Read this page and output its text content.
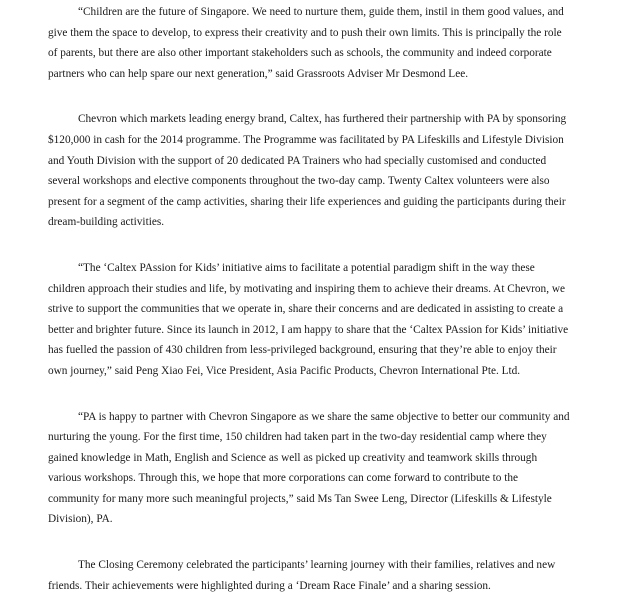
“Children are the future of Singapore. We need to nurture them, guide them, instil in them good values, and give them the space to develop, to express their creativity and to push their own limits. This is principally the role of parents, but there are also other important stakeholders such as schools, the community and indeed corporate partners who can help spare our next generation,” said Grassroots Adviser Mr Desmond Lee.

Chevron which markets leading energy brand, Caltex, has furthered their partnership with PA by sponsoring $120,000 in cash for the 2014 programme. The Programme was facilitated by PA Lifeskills and Lifestyle Division and Youth Division with the support of 20 dedicated PA Trainers who had specially customised and conducted several workshops and elective components throughout the two-day camp. Twenty Caltex volunteers were also present for a segment of the camp activities, sharing their life experiences and guiding the participants during their dream-building activities.

“The ‘Caltex PAssion for Kids’ initiative aims to facilitate a potential paradigm shift in the way these children approach their studies and life, by motivating and inspiring them to achieve their dreams. At Chevron, we strive to support the communities that we operate in, share their concerns and are dedicated in assisting to create a better and brighter future. Since its launch in 2012, I am happy to share that the ‘Caltex PAssion for Kids’ initiative has fuelled the passion of 430 children from less-privileged background, ensuring that they’re able to enjoy their own journey,” said Peng Xiao Fei, Vice President, Asia Pacific Products, Chevron International Pte. Ltd.

“PA is happy to partner with Chevron Singapore as we share the same objective to better our community and nurturing the young. For the first time, 150 children had taken part in the two-day residential camp where they gained knowledge in Math, English and Science as well as picked up creativity and teamwork skills through various workshops. Through this, we hope that more corporations can come forward to contribute to the community for many more such meaningful projects,” said Ms Tan Swee Leng, Director (Lifeskills & Lifestyle Division), PA.

The Closing Ceremony celebrated the participants’ learning journey with their families, relatives and new friends. Their achievements were highlighted during a ‘Dream Race Finale’ and a sharing session.
